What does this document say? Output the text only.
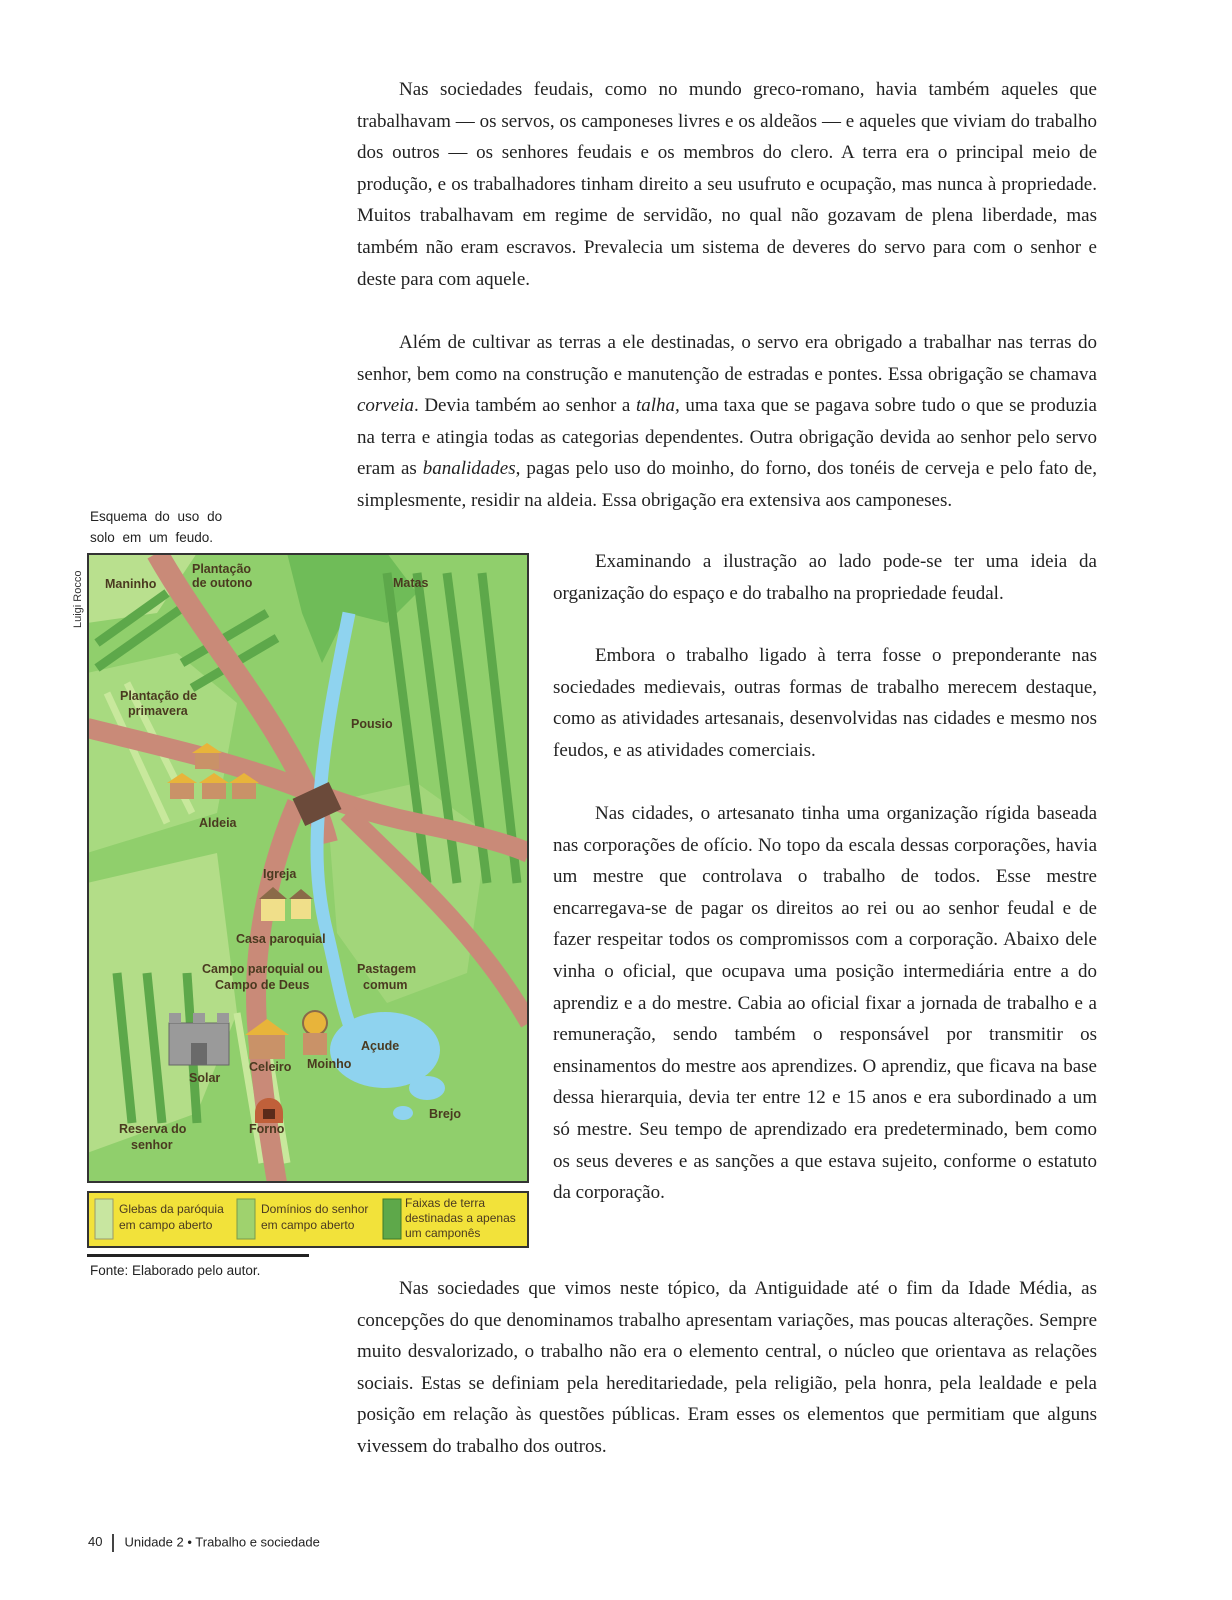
Nas sociedades feudais, como no mundo greco-romano, havia também aqueles que trabalhavam — os servos, os camponeses livres e os aldeãos — e aqueles que viviam do trabalho dos outros — os senhores feudais e os membros do clero. A terra era o principal meio de produção, e os trabalhadores tinham direito a seu usufruto e ocupação, mas nunca à propriedade. Muitos trabalhavam em regime de servidão, no qual não gozavam de plena liberdade, mas também não eram escravos. Prevalecia um sistema de deveres do servo para com o senhor e deste para com aquele.

Além de cultivar as terras a ele destinadas, o servo era obrigado a trabalhar nas terras do senhor, bem como na construção e manutenção de estradas e pontes. Essa obrigação se chamava corveia. Devia também ao senhor a talha, uma taxa que se pagava sobre tudo o que se produzia na terra e atingia todas as categorias dependentes. Outra obrigação devida ao senhor pelo servo eram as banalidades, pagas pelo uso do moinho, do forno, dos tonéis de cerveja e pelo fato de, simplesmente, residir na aldeia. Essa obrigação era extensiva aos camponeses.

Examinando a ilustração ao lado pode-se ter uma ideia da organização do espaço e do trabalho na propriedade feudal.

Embora o trabalho ligado à terra fosse o preponderante nas sociedades medievais, outras formas de trabalho merecem destaque, como as atividades artesanais, desenvolvidas nas cidades e mesmo nos feudos, e as atividades comerciais.

Nas cidades, o artesanato tinha uma organização rígida baseada nas corporações de ofício. No topo da escala dessas corporações, havia um mestre que controlava o trabalho de todos. Esse mestre encarregava-se de pagar os direitos ao rei ou ao senhor feudal e de fazer respeitar todos os compromissos com a corporação. Abaixo dele vinha o oficial, que ocupava uma posição intermediária entre a do aprendiz e a do mestre. Cabia ao oficial fixar a jornada de trabalho e a remuneração, sendo também o responsável por transmitir os ensinamentos do mestre aos aprendizes. O aprendiz, que ficava na base dessa hierarquia, devia ter entre 12 e 15 anos e era subordinado a um só mestre. Seu tempo de aprendizado era predeterminado, bem como os seus deveres e as sanções a que estava sujeito, conforme o estatuto da corporação.

Nas sociedades que vimos neste tópico, da Antiguidade até o fim da Idade Média, as concepções do que denominamos trabalho apresentam variações, mas poucas alterações. Sempre muito desvalorizado, o trabalho não era o elemento central, o núcleo que orientava as relações sociais. Estas se definiam pela hereditariedade, pela religião, pela honra, pela lealdade e pela posição em relação às questões públicas. Eram esses os elementos que permitiam que alguns vivessem do trabalho dos outros.

Esquema do uso do solo em um feudo.
Luigi Rocco Maninho
Plantação
de outono	Matas
Plantação de
primavera
Pousio
Aldeia
Igreja
Casa paroquial
Campo paroquial ou
Campo de Deus
Pastagem
comum
Açude
Solar
Celeiro Moinho
Brejo
Reserva do
senhor
Forno
Glebas da paróquia
em campo aberto
Domínios do senhor
em campo aberto
Faixas de terra
destinadas a apenas
um camponês
Fonte: Elaborado pelo autor.
40 Unidade 2 • Trabalho e sociedade
